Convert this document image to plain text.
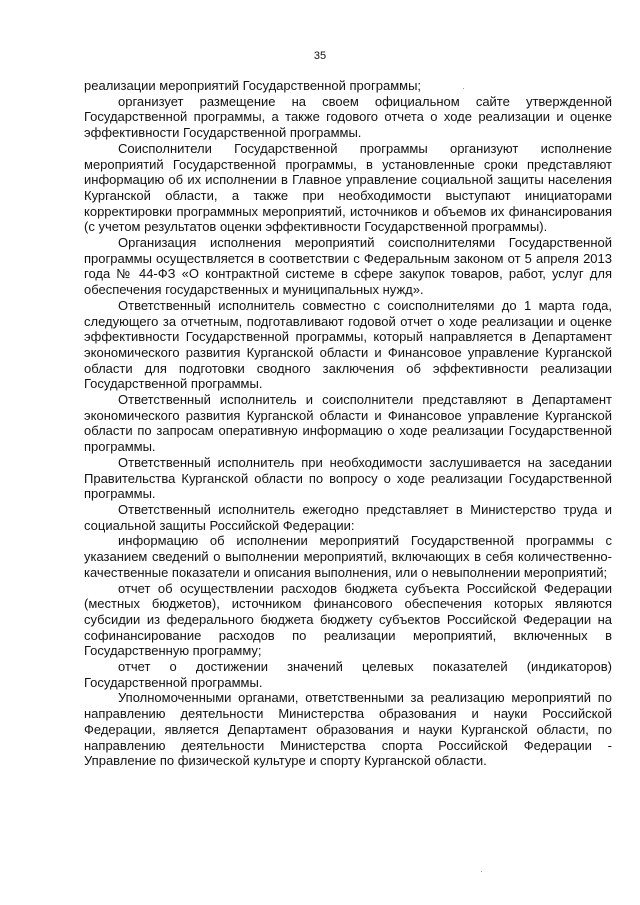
35

реализации мероприятий Государственной программы;

организует размещение на своем официальном сайте утвержденной Государственной программы, а также годового отчета о ходе реализации и оценке эффективности Государственной программы.

Соисполнители Государственной программы организуют исполнение мероприятий Государственной программы, в установленные сроки представляют информацию об их исполнении в Главное управление социальной защиты населения Курганской области, а также при необходимости выступают инициаторами корректировки программных мероприятий, источников и объемов их финансирования (с учетом результатов оценки эффективности Государственной программы).

Организация исполнения мероприятий соисполнителями Государственной программы осуществляется в соответствии с Федеральным законом от 5 апреля 2013 года № 44-ФЗ «О контрактной системе в сфере закупок товаров, работ, услуг для обеспечения государственных и муниципальных нужд».

Ответственный исполнитель совместно с соисполнителями до 1 марта года, следующего за отчетным, подготавливают годовой отчет о ходе реализации и оценке эффективности Государственной программы, который направляется в Департамент экономического развития Курганской области и Финансовое управление Курганской области для подготовки сводного заключения об эффективности реализации Государственной программы.

Ответственный исполнитель и соисполнители представляют в Департамент экономического развития Курганской области и Финансовое управление Курганской области по запросам оперативную информацию о ходе реализации Государственной программы.

Ответственный исполнитель при необходимости заслушивается на заседании Правительства Курганской области по вопросу о ходе реализации Государственной программы.

Ответственный исполнитель ежегодно представляет в Министерство труда и социальной защиты Российской Федерации:

информацию об исполнении мероприятий Государственной программы с указанием сведений о выполнении мероприятий, включающих в себя количественно-качественные показатели и описания выполнения, или о невыполнении мероприятий;

отчет об осуществлении расходов бюджета субъекта Российской Федерации (местных бюджетов), источником финансового обеспечения которых являются субсидии из федерального бюджета бюджету субъектов Российской Федерации на софинансирование расходов по реализации мероприятий, включенных в Государственную программу;

отчет о достижении значений целевых показателей (индикаторов) Государственной программы.

Уполномоченными органами, ответственными за реализацию мероприятий по направлению деятельности Министерства образования и науки Российской Федерации, является Департамент образования и науки Курганской области, по направлению деятельности Министерства спорта Российской Федерации - Управление по физической культуре и спорту Курганской области.
